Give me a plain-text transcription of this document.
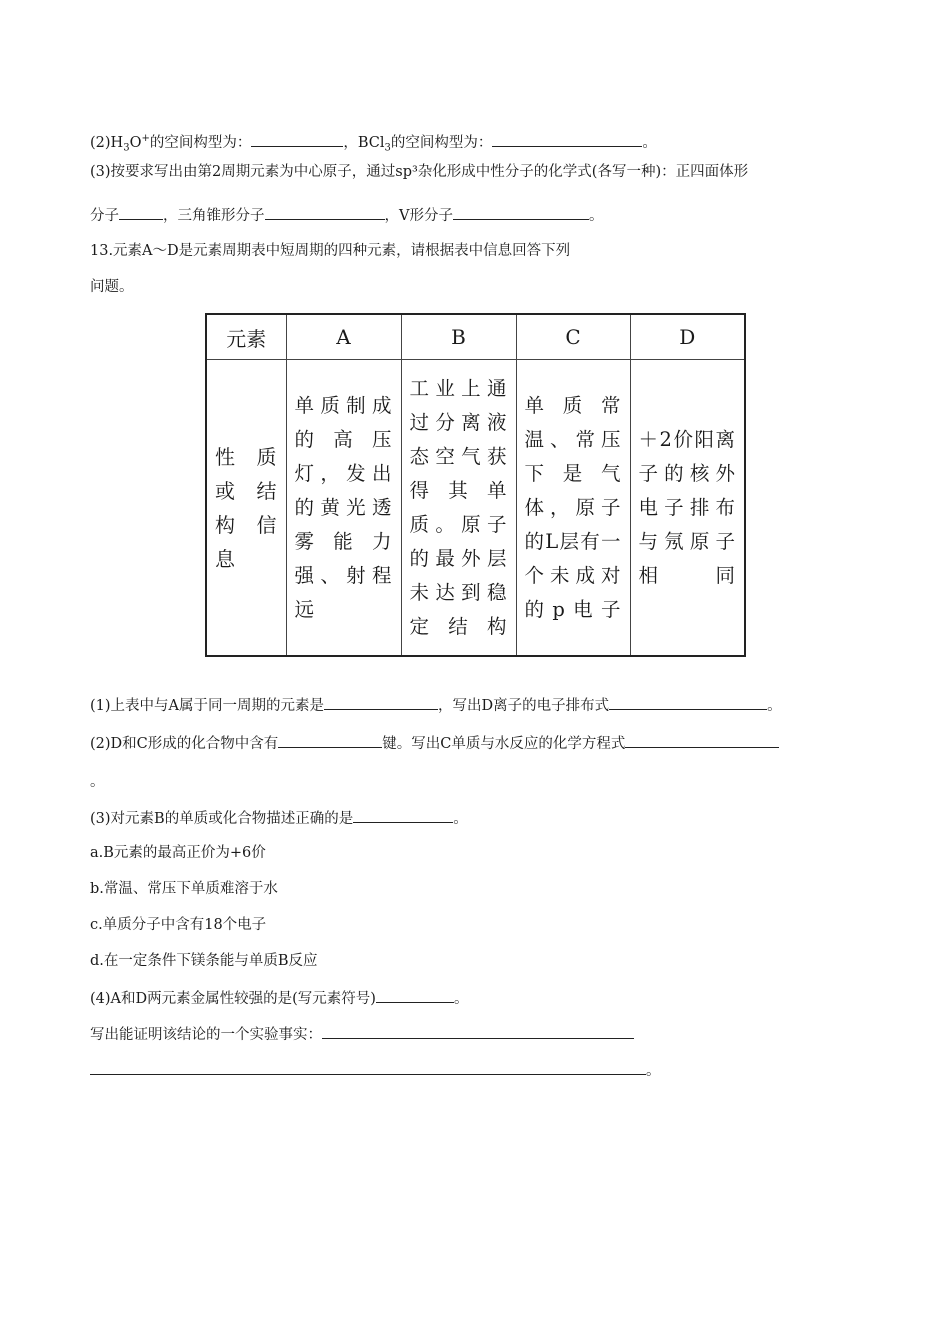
$(2)H_3O^+$的空间构型为：	，BCl$_3$的空间构型为：	。
(3)按要求写出由第2周期元素为中心原子，通过sp³杂化形成中性分子的化学式(各写一种)：正四面体形
分子	，三角锥形分子	，V形分子	。
13.元素A～D是元素周期表中短周期的四种元素，请根据表中信息回答下列
问题。
元素	A	B	C	D

性质或结构信息	单质制成的高压灯，发出的黄光透雾能力强、射程远	工业上通过分离液态空气获得其单质。原子的最外层未达到稳定结构	单质常温、常压下是气体，原子的L层有一个未成对的p电子	＋2价阳离子的核外电子排布与氖原子相同
(1)上表中与A属于同一周期的元素是	，写出D离子的电子排布式	。
(2)D和C形成的化合物中含有	键。写出C单质与水反应的化学方程式
。
(3)对元素B的单质或化合物描述正确的是	。
a.B元素的最高正价为+6价
b.常温、常压下单质难溶于水
c.单质分子中含有18个电子
d.在一定条件下镁条能与单质B反应
(4)A和D两元素金属性较强的是(写元素符号)	。
写出能证明该结论的一个实验事实：
。
